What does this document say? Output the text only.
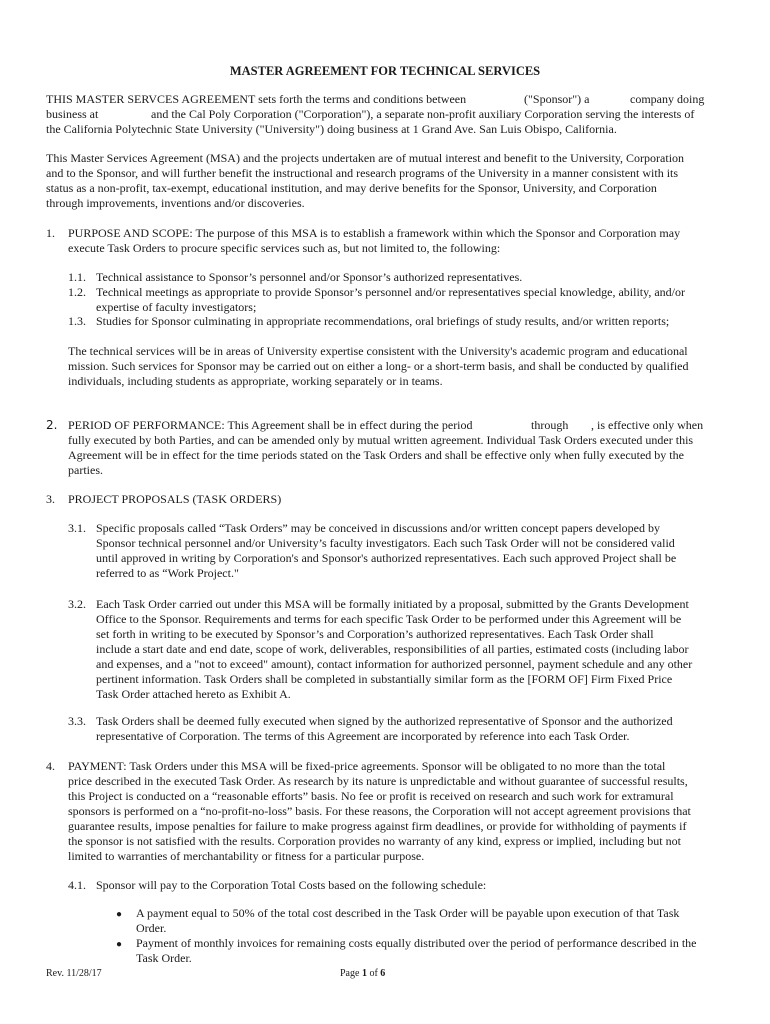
MASTER AGREEMENT FOR TECHNICAL SERVICES
THIS MASTER SERVCES AGREEMENT sets forth the terms and conditions between	("Sponsor") a	company doing
business at	and the Cal Poly Corporation ("Corporation"), a separate non-profit auxiliary Corporation serving the interests of
the California Polytechnic State University ("University") doing business at 1 Grand Ave. San Luis Obispo, California.
This Master Services Agreement (MSA) and the projects undertaken are of mutual interest and benefit to the University, Corporation
and to the Sponsor, and will further benefit the instructional and research programs of the University in a manner consistent with its
status as a non-profit, tax-exempt, educational institution, and may derive benefits for the Sponsor, University, and Corporation
through improvements, inventions and/or discoveries.
1. PURPOSE AND SCOPE: The purpose of this MSA is to establish a framework within which the Sponsor and Corporation may
execute Task Orders to procure specific services such as, but not limited to, the following:
1.1. Technical assistance to Sponsor’s personnel and/or Sponsor’s authorized representatives.
1.2. Technical meetings as appropriate to provide Sponsor’s personnel and/or representatives special knowledge, ability, and/or
expertise of faculty investigators;
1.3. Studies for Sponsor culminating in appropriate recommendations, oral briefings of study results, and/or written reports;
The technical services will be in areas of University expertise consistent with the University's academic program and educational
mission. Such services for Sponsor may be carried out on either a long- or a short-term basis, and shall be conducted by qualified
individuals, including students as appropriate, working separately or in teams.
2. PERIOD OF PERFORMANCE: This Agreement shall be in effect during the period	through , is effective only when
fully executed by both Parties, and can be amended only by mutual written agreement. Individual Task Orders executed under this
Agreement will be in effect for the time periods stated on the Task Orders and shall be effective only when fully executed by the
parties.
3. PROJECT PROPOSALS (TASK ORDERS)
3.1. Specific proposals called “Task Orders” may be conceived in discussions and/or written concept papers developed by
Sponsor technical personnel and/or University’s faculty investigators. Each such Task Order will not be considered valid
until approved in writing by Corporation's and Sponsor's authorized representatives. Each such approved Project shall be
referred to as “Work Project."
3.2. Each Task Order carried out under this MSA will be formally initiated by a proposal, submitted by the Grants Development
Office to the Sponsor. Requirements and terms for each specific Task Order to be performed under this Agreement will be
set forth in writing to be executed by Sponsor’s and Corporation’s authorized representatives. Each Task Order shall
include a start date and end date, scope of work, deliverables, responsibilities of all parties, estimated costs (including labor
and expenses, and a "not to exceed" amount), contact information for authorized personnel, payment schedule and any other
pertinent information. Task Orders shall be completed in substantially similar form as the [FORM OF] Firm Fixed Price
Task Order attached hereto as Exhibit A.
3.3. Task Orders shall be deemed fully executed when signed by the authorized representative of Sponsor and the authorized
representative of Corporation. The terms of this Agreement are incorporated by reference into each Task Order.
4. PAYMENT: Task Orders under this MSA will be fixed-price agreements. Sponsor will be obligated to no more than the total
price described in the executed Task Order. As research by its nature is unpredictable and without guarantee of successful results,
this Project is conducted on a “reasonable efforts” basis. No fee or profit is received on research and such work for extramural
sponsors is performed on a “no-profit-no-loss” basis. For these reasons, the Corporation will not accept agreement provisions that
guarantee results, impose penalties for failure to make progress against firm deadlines, or provide for withholding of payments if
the sponsor is not satisfied with the results. Corporation provides no warranty of any kind, express or implied, including but not
limited to warranties of merchantability or fitness for a particular purpose.
4.1. Sponsor will pay to the Corporation Total Costs based on the following schedule:
● A payment equal to 50% of the total cost described in the Task Order will be payable upon execution of that Task
Order.
● Payment of monthly invoices for remaining costs equally distributed over the period of performance described in the
Task Order.
Rev. 11/28/17	Page 1 of 6
